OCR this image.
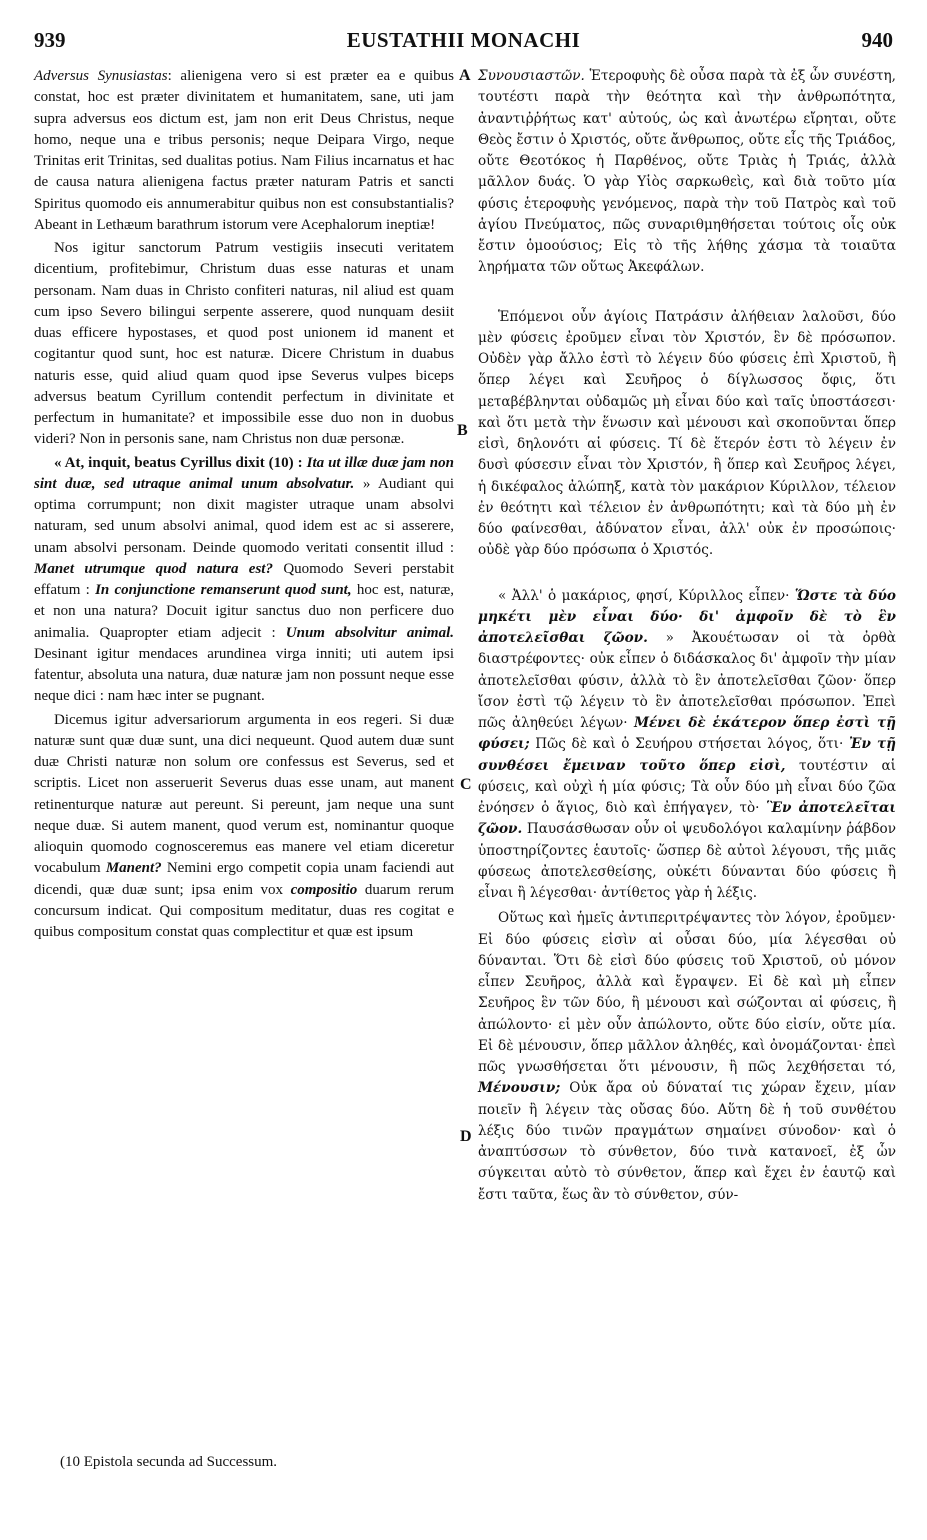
939	EUSTATHII MONACHI	940
A
B
C
D

Adversus Synusiastas: alienigena vero si est præter ea e quibus constat, hoc est præter divinitatem et humanitatem, sane, uti jam supra adversus eos dictum est, jam non erit Deus Christus, neque homo, neque una e tribus personis; neque Deipara Virgo, neque Trinitas erit Trinitas, sed dualitas potius. Nam Filius incarnatus et hac de causa natura alienigena factus præter naturam Patris et sancti Spiritus quomodo eis annumerabitur quibus non est consubstantialis? Abeant in Lethæum barathrum istorum vere Acephalorum ineptiæ!

Nos igitur sanctorum Patrum vestigiis insecuti veritatem dicentium, profitebimur, Christum duas esse naturas et unam personam. Nam duas in Christo confiteri naturas, nil aliud est quam cum ipso Severo bilingui serpente asserere, quod nunquam desiit duas efficere hypostases, et quod post unionem id manent et cogitantur quod sunt, hoc est naturæ. Dicere Christum in duabus naturis esse, quid aliud quam quod ipse Severus vulpes biceps adversus beatum Cyrillum contendit perfectum in divinitate et perfectum in humanitate? et impossibile esse duo non in duobus videri? Non in personis sane, nam Christus non duæ personæ.

« At, inquit, beatus Cyrillus dixit (10) : Ita ut illæ duæ jam non sint duæ, sed utraque animal unum absolvatur. » Audiant qui optima corrumpunt; non dixit magister utraque unam absolvi naturam, sed unum absolvi animal, quod idem est ac si asserere, unam absolvi personam. Deinde quomodo veritati consentit illud : Manet utrumque quod natura est? Quomodo Severi perstabit effatum : In conjunctione remanserunt quod sunt, hoc est, naturæ, et non una natura? Docuit igitur sanctus duo non perficere duo animalia. Quapropter etiam adjecit : Unum absolvitur animal. Desinant igitur mendaces arundinea virga inniti; uti autem ipsi fatentur, absoluta una natura, duæ naturæ jam non possunt neque esse neque dici : nam hæc inter se pugnant.

Dicemus igitur adversariorum argumenta in eos regeri. Si duæ naturæ sunt quæ duæ sunt, una dici nequeunt. Quod autem duæ sunt duæ Christi naturæ non solum ore confessus est Severus, sed et scriptis. Licet non asseruerit Severus duas esse unam, aut manent retinenturque naturæ aut pereunt. Si pereunt, jam neque una sunt neque duæ. Si autem manent, quod verum est, nominantur quoque alioquin quomodo cognosceremus eas manere vel etiam diceretur vocabulum Manent? Nemini ergo competit copia unam faciendi aut dicendi, quæ duæ sunt; ipsa enim vox compositio duarum rerum concursum indicat. Qui compositum meditatur, duas res cogitat e quibus compositum constat quas complectitur et quæ est ipsum

Συνουσιαστῶν. Ἑτεροφυὴς δὲ οὖσα παρὰ τὰ ἐξ ὧν συνέστη, τουτέστι παρὰ τὴν θεότητα καὶ τὴν ἀνθρωπότητα, ἀναντιῤῥήτως κατ' αὐτούς, ὡς καὶ ἀνωτέρω εἴρηται, οὔτε Θεὸς ἔστιν ὁ Χριστός, οὔτε ἄνθρωπος, οὔτε εἷς τῆς Τριάδος, οὔτε Θεοτόκος ἡ Παρθένος, οὔτε Τριὰς ἡ Τριάς, ἀλλὰ μᾶλλον δυάς. Ὁ γὰρ Υἱὸς σαρκωθεὶς, καὶ διὰ τοῦτο μία φύσις ἑτεροφυὴς γενόμενος, παρὰ τὴν τοῦ Πατρὸς καὶ τοῦ ἁγίου Πνεύματος, πῶς συναριθμηθήσεται τούτοις οἷς οὐκ ἔστιν ὁμοούσιος; Εἰς τὸ τῆς λήθης χάσμα τὰ τοιαῦτα ληρήματα τῶν οὕτως Ἀκεφάλων.

Ἑπόμενοι οὖν ἁγίοις Πατράσιν ἀλήθειαν λαλοῦσι, δύο μὲν φύσεις ἐροῦμεν εἶναι τὸν Χριστόν, ἓν δὲ πρόσωπον. Οὐδὲν γὰρ ἄλλο ἐστὶ τὸ λέγειν δύο φύσεις ἐπὶ Χριστοῦ, ἢ ὅπερ λέγει καὶ Σευῆρος ὁ δίγλωσσος ὄφις, ὅτι μεταβέβληνται οὐδαμῶς μὴ εἶναι δύο καὶ ταῖς ὑποστάσεσι· καὶ ὅτι μετὰ τὴν ἕνωσιν καὶ μένουσι καὶ σκοποῦνται ὅπερ εἰσὶ, δηλονότι αἱ φύσεις. Τί δὲ ἕτερόν ἐστι τὸ λέγειν ἐν δυσὶ φύσεσιν εἶναι τὸν Χριστόν, ἢ ὅπερ καὶ Σευῆρος λέγει, ἡ δικέφαλος ἀλώπηξ, κατὰ τὸν μακάριον Κύριλλον, τέλειον ἐν θεότητι καὶ τέλειον ἐν ἀνθρωπότητι; καὶ τὰ δύο μὴ ἐν δύο φαίνεσθαι, ἀδύνατον εἶναι, ἀλλ' οὐκ ἐν προσώποις· οὐδὲ γὰρ δύο πρόσωπα ὁ Χριστός.

« Ἀλλ' ὁ μακάριος, φησί, Κύριλλος εἶπεν· Ὥστε τὰ δύο μηκέτι μὲν εἶναι δύο· δι' ἀμφοῖν δὲ τὸ ἓν ἀποτελεῖσθαι ζῶον. » Ἀκουέτωσαν οἱ τὰ ὀρθὰ διαστρέφοντες· οὐκ εἶπεν ὁ διδάσκαλος δι' ἀμφοῖν τὴν μίαν ἀποτελεῖσθαι φύσιν, ἀλλὰ τὸ ἓν ἀποτελεῖσθαι ζῶον· ὅπερ ἴσον ἐστὶ τῷ λέγειν τὸ ἓν ἀποτελεῖσθαι πρόσωπον. Ἐπεὶ πῶς ἀληθεύει λέγων· Μένει δὲ ἑκάτερον ὅπερ ἐστὶ τῇ φύσει; Πῶς δὲ καὶ ὁ Σευήρου στήσεται λόγος, ὅτι· Ἐν τῇ συνθέσει ἔμειναν τοῦτο ὅπερ εἰσὶ, τουτέστιν αἱ φύσεις, καὶ οὐχὶ ἡ μία φύσις; Τὰ οὖν δύο μὴ εἶναι δύο ζῶα ἐνόησεν ὁ ἅγιος, διὸ καὶ ἐπήγαγεν, τὸ· Ἓν ἀποτελεῖται ζῶον. Παυσάσθωσαν οὖν οἱ ψευδολόγοι καλαμίνην ῥάβδον ὑποστηρίζοντες ἑαυτοῖς· ὥσπερ δὲ αὐτοὶ λέγουσι, τῆς μιᾶς φύσεως ἀποτελεσθείσης, οὐκέτι δύνανται δύο φύσεις ἢ εἶναι ἢ λέγεσθαι· ἀντίθετος γὰρ ἡ λέξις.

Οὕτως καὶ ἡμεῖς ἀντιπεριτρέψαντες τὸν λόγον, ἐροῦμεν· Εἰ δύο φύσεις εἰσὶν αἱ οὖσαι δύο, μία λέγεσθαι οὐ δύνανται. Ὅτι δὲ εἰσὶ δύο φύσεις τοῦ Χριστοῦ, οὐ μόνον εἶπεν Σευῆρος, ἀλλὰ καὶ ἔγραψεν. Εἰ δὲ καὶ μὴ εἶπεν Σευῆρος ἓν τῶν δύο, ἢ μένουσι καὶ σώζονται αἱ φύσεις, ἢ ἀπώλοντο· εἰ μὲν οὖν ἀπώλοντο, οὔτε δύο εἰσίν, οὔτε μία. Εἰ δὲ μένουσιν, ὅπερ μᾶλλον ἀληθές, καὶ ὀνομάζονται· ἐπεὶ πῶς γνωσθήσεται ὅτι μένουσιν, ἢ πῶς λεχθήσεται τό, Μένουσιν; Οὐκ ἄρα οὐ δύναταί τις χώραν ἔχειν, μίαν ποιεῖν ἢ λέγειν τὰς οὔσας δύο. Αὕτη δὲ ἡ τοῦ συνθέτου λέξις δύο τινῶν πραγμάτων σημαίνει σύνοδον· καὶ ὁ ἀναπτύσσων τὸ σύνθετον, δύο τινὰ κατανοεῖ, ἐξ ὧν σύγκειται αὐτὸ τὸ σύνθετον, ἅπερ καὶ ἔχει ἐν ἑαυτῷ καὶ ἔστι ταῦτα, ἕως ἂν τὸ σύνθετον, σύν-

(10 Epistola secunda ad Successum.
